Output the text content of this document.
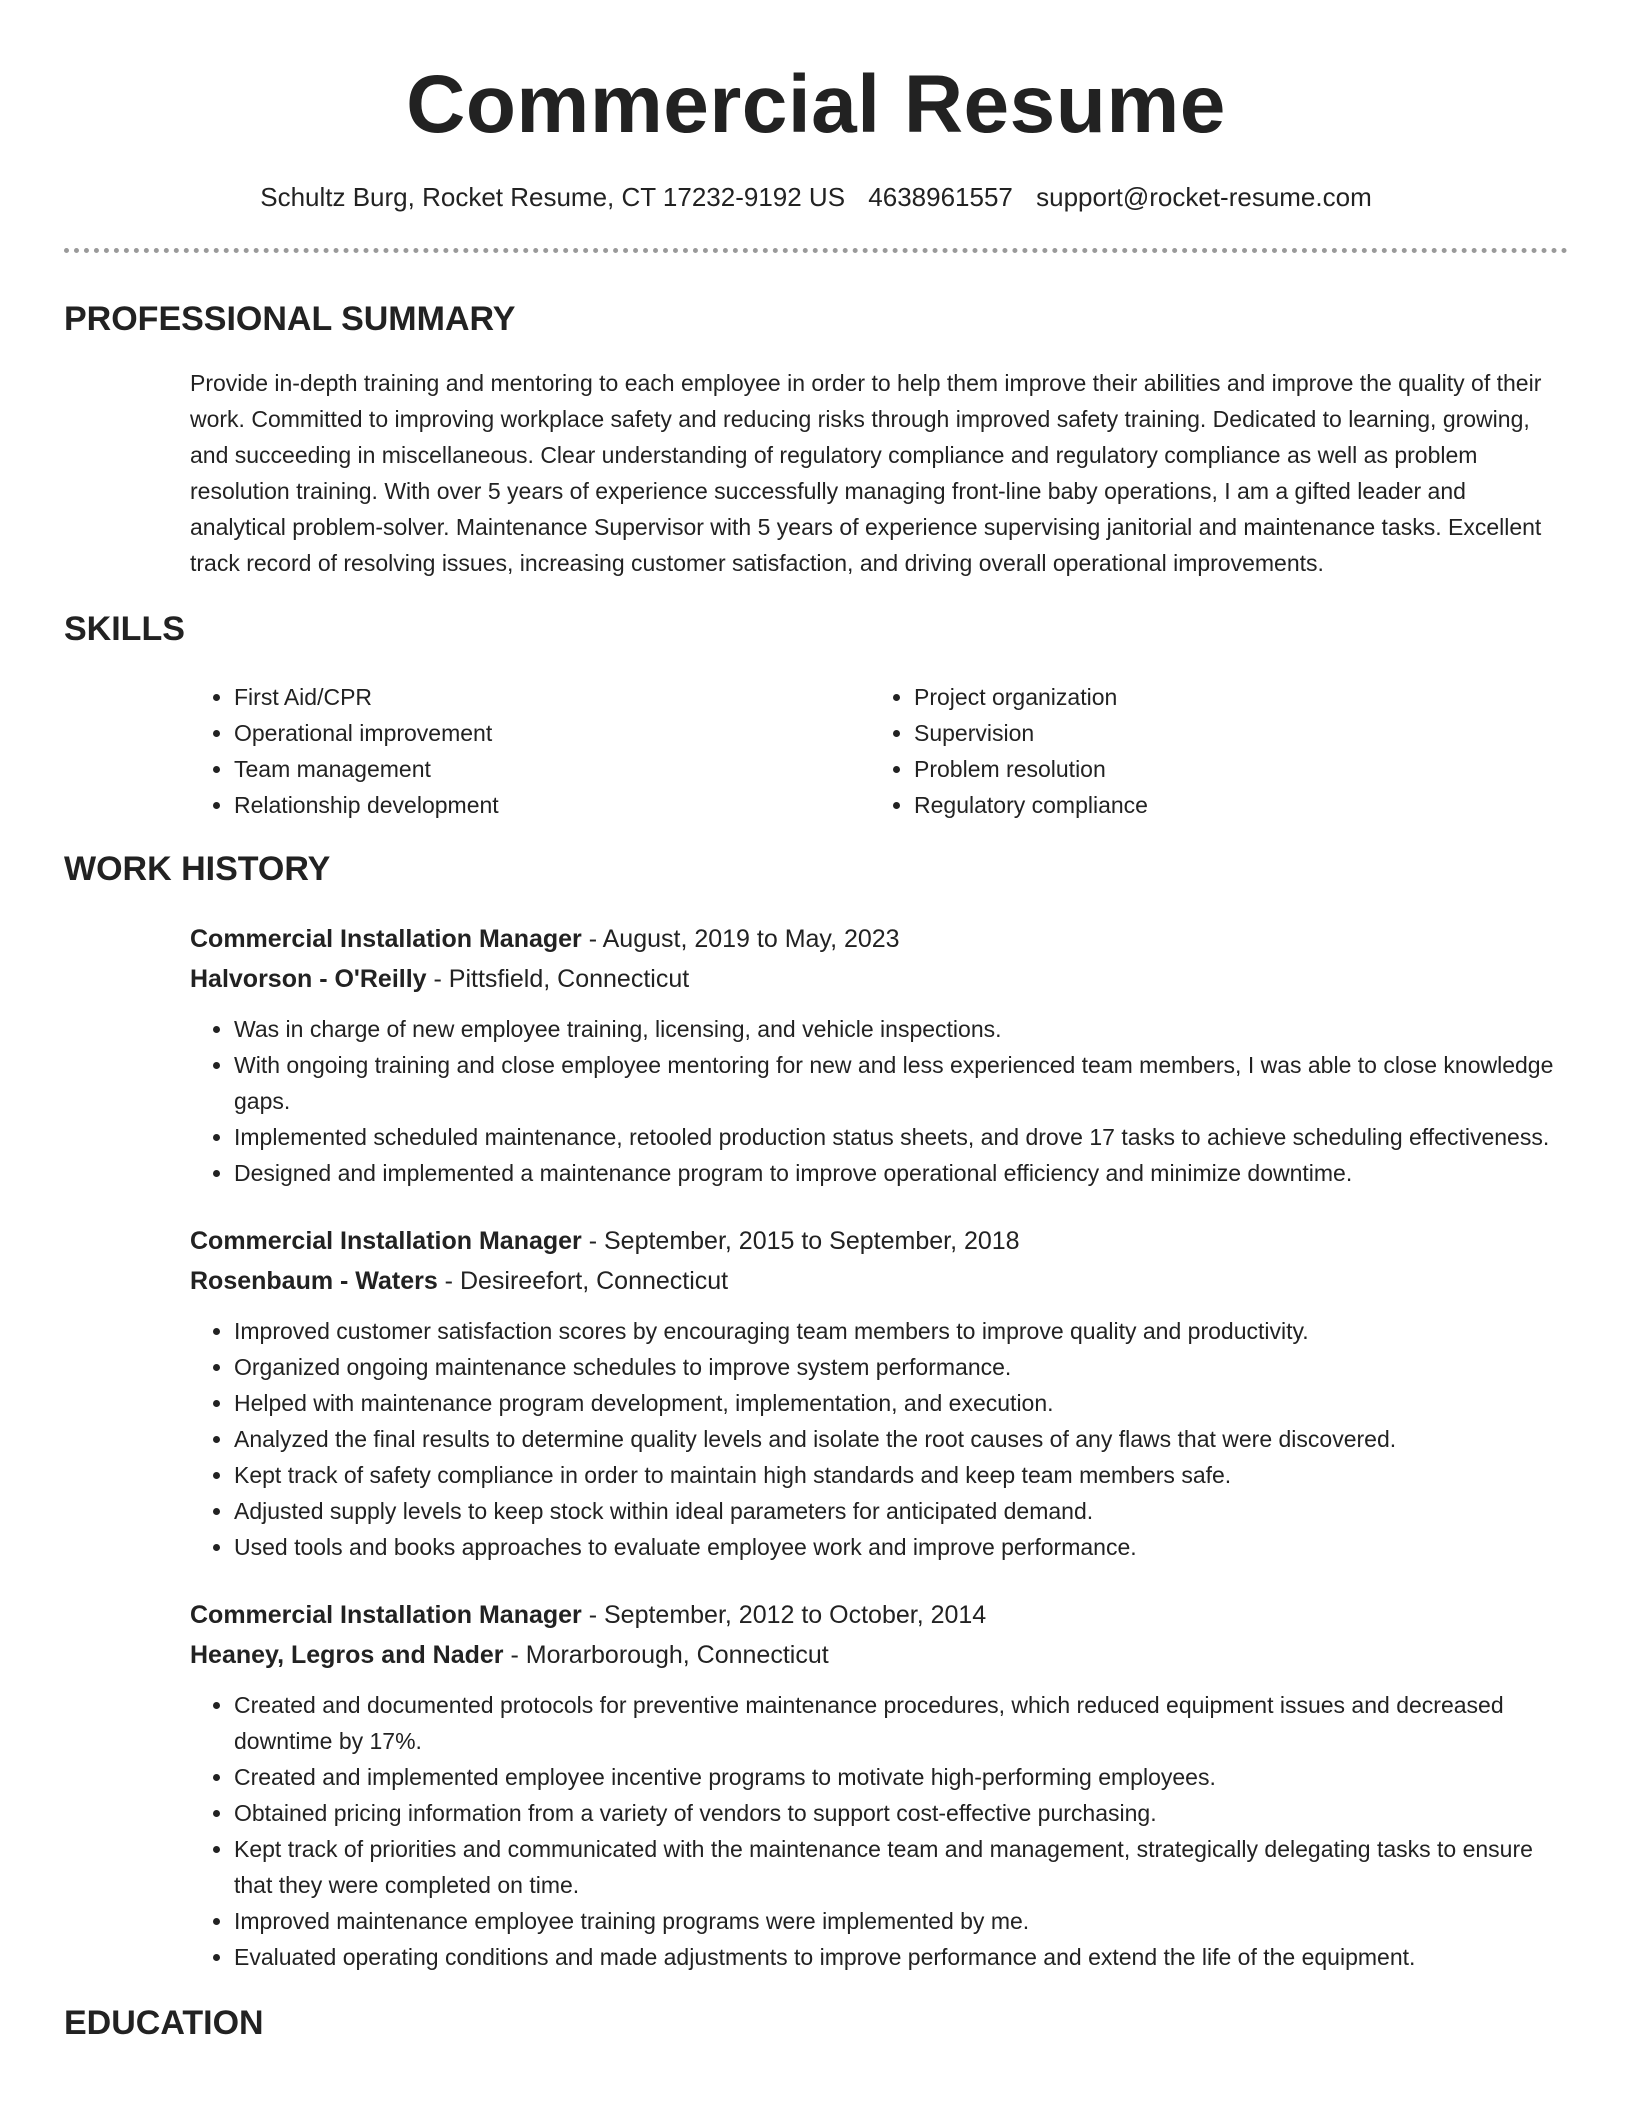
Commercial Resume
Schultz Burg, Rocket Resume, CT 17232-9192 US 4638961557 support@rocket-resume.com
PROFESSIONAL SUMMARY
Provide in-depth training and mentoring to each employee in order to help them improve their abilities and improve the quality of their work. Committed to improving workplace safety and reducing risks through improved safety training. Dedicated to learning, growing, and succeeding in miscellaneous. Clear understanding of regulatory compliance and regulatory compliance as well as problem resolution training. With over 5 years of experience successfully managing front-line baby operations, I am a gifted leader and analytical problem-solver. Maintenance Supervisor with 5 years of experience supervising janitorial and maintenance tasks. Excellent track record of resolving issues, increasing customer satisfaction, and driving overall operational improvements.
SKILLS
• First Aid/CPR
• Operational improvement
• Team management
• Relationship development
• Project organization
• Supervision
• Problem resolution
• Regulatory compliance
WORK HISTORY
Commercial Installation Manager - August, 2019 to May, 2023
Halvorson - O'Reilly - Pittsfield, Connecticut
• Was in charge of new employee training, licensing, and vehicle inspections.
• With ongoing training and close employee mentoring for new and less experienced team members, I was able to close knowledge gaps.
• Implemented scheduled maintenance, retooled production status sheets, and drove 17 tasks to achieve scheduling effectiveness.
• Designed and implemented a maintenance program to improve operational efficiency and minimize downtime.
Commercial Installation Manager - September, 2015 to September, 2018
Rosenbaum - Waters - Desireefort, Connecticut
• Improved customer satisfaction scores by encouraging team members to improve quality and productivity.
• Organized ongoing maintenance schedules to improve system performance.
• Helped with maintenance program development, implementation, and execution.
• Analyzed the final results to determine quality levels and isolate the root causes of any flaws that were discovered.
• Kept track of safety compliance in order to maintain high standards and keep team members safe.
• Adjusted supply levels to keep stock within ideal parameters for anticipated demand.
• Used tools and books approaches to evaluate employee work and improve performance.
Commercial Installation Manager - September, 2012 to October, 2014
Heaney, Legros and Nader - Morarborough, Connecticut
• Created and documented protocols for preventive maintenance procedures, which reduced equipment issues and decreased downtime by 17%.
• Created and implemented employee incentive programs to motivate high-performing employees.
• Obtained pricing information from a variety of vendors to support cost-effective purchasing.
• Kept track of priorities and communicated with the maintenance team and management, strategically delegating tasks to ensure that they were completed on time.
• Improved maintenance employee training programs were implemented by me.
• Evaluated operating conditions and made adjustments to improve performance and extend the life of the equipment.
EDUCATION
